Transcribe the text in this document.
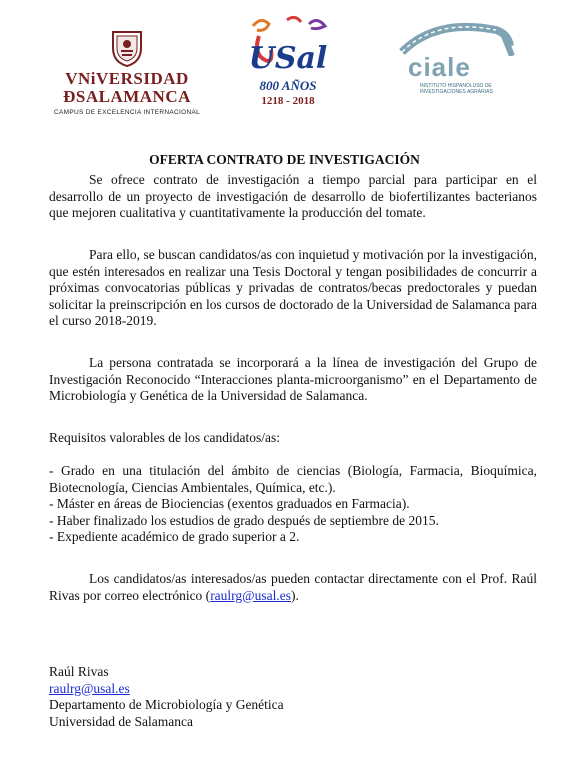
VNiVERSIDAD
ÐSALAMANCA
CAMPUS DE EXCELENCIA INTERNACIONAL
USal
800 AÑOS
1218 - 2018
ciale
INSTITUTO HISPANOLUSO DE
INVESTIGACIONES AGRARIAS
OFERTA CONTRATO DE INVESTIGACIÓN

Se ofrece contrato de investigación a tiempo parcial para participar en el desarrollo de un proyecto de investigación de desarrollo de biofertilizantes bacterianos que mejoren cualitativa y cuantitativamente la producción del tomate.

Para ello, se buscan candidatos/as con inquietud y motivación por la investigación, que estén interesados en realizar una Tesis Doctoral y tengan posibilidades de concurrir a próximas convocatorias públicas y privadas de contratos/becas predoctorales y puedan solicitar la preinscripción en los cursos de doctorado de la Universidad de Salamanca para el curso 2018-2019.

La persona contratada se incorporará a la línea de investigación del Grupo de Investigación Reconocido “Interacciones planta-microorganismo” en el Departamento de Microbiología y Genética de la Universidad de Salamanca.

Requisitos valorables de los candidatos/as:

- Grado en una titulación del ámbito de ciencias (Biología, Farmacia, Bioquímica, Biotecnología, Ciencias Ambientales, Química, etc.).
- Máster en áreas de Biociencias (exentos graduados en Farmacia).
- Haber finalizado los estudios de grado después de septiembre de 2015.
- Expediente académico de grado superior a 2.

Los candidatos/as interesados/as pueden contactar directamente con el Prof. Raúl Rivas por correo electrónico (raulrg@usal.es).

Raúl Rivas
raulrg@usal.es
Departamento de Microbiología y Genética
Universidad de Salamanca
